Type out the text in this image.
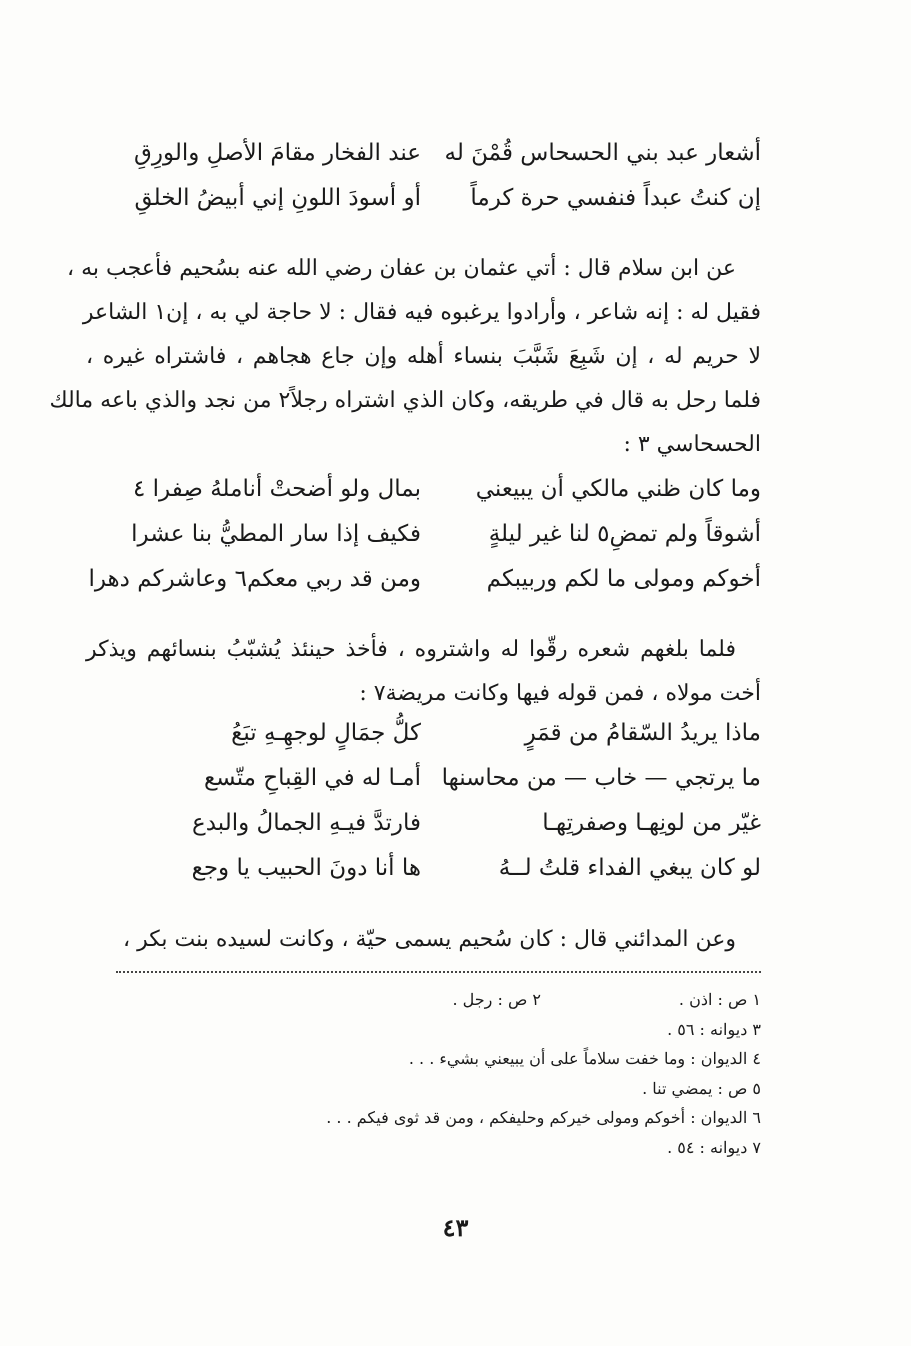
أشعار عبد بني الحسحاس قُمْنَ له
عند الفخار مقامَ الأصلِ والورِقِ
إن كنتُ عبداً فنفسي حرة كرماً
أو أسودَ اللونِ إني أبيضُ الخلقِ
عن ابن سلام قال : أتي عثمان بن عفان رضي الله عنه بسُحيم فأعجب به ،
فقيل له : إنه شاعر ، وأرادوا يرغبوه فيه فقال : لا حاجة لي به ، إن١ الشاعر
لا حريم له ، إن شَبِعَ شَبَّبَ بنساء أهله وإن جاع هجاهم ، فاشتراه غيره ،
فلما رحل به قال في طريقه، وكان الذي اشتراه رجلاً٢ من نجد والذي باعه مالك
الحسحاسي ٣ :
وما كان ظني مالكي أن يبيعني
بمال ولو أضحتْ أناملهُ صِفرا ٤
أشوقاً ولم تمضِ٥ لنا غير ليلةٍ
فكيف إذا سار المطيُّ بنا عشرا
أخوكم ومولى ما لكم وربيبكم
ومن قد ربي معكم٦ وعاشركم دهرا
فلما بلغهم شعره رقّوا له واشتروه ، فأخذ حينئذ يُشبّبُ بنسائهم ويذكر
أخت مولاه ، فمن قوله فيها وكانت مريضة٧ :
ماذا يريدُ السّقامُ من قمَرٍ
كلُّ جمَالٍ لوجهِـهِ تبَعُ
ما يرتجي — خاب — من محاسنها
أمـا له في القِباحِ متّسع
غيّر من لونِهـا وصفرتِهـا
فارتدَّ فيـهِ الجمالُ والبدع
لو كان يبغي الفداء قلتُ لــهُ
ها أنا دونَ الحبيب يا وجع
وعن المدائني قال : كان سُحيم يسمى حيّة ، وكانت لسيده بنت بكر ،
١ ص : اذن .
٢ ص : رجل .
٣ ديوانه : ٥٦ .
٤ الديوان : وما خفت سلاماً على أن يبيعني بشيء . . .
٥ ص : يمضي تنا .
٦ الديوان : أخوكم ومولى خيركم وحليفكم ، ومن قد ثوى فيكم . . .
٧ ديوانه : ٥٤ .
٤٣
